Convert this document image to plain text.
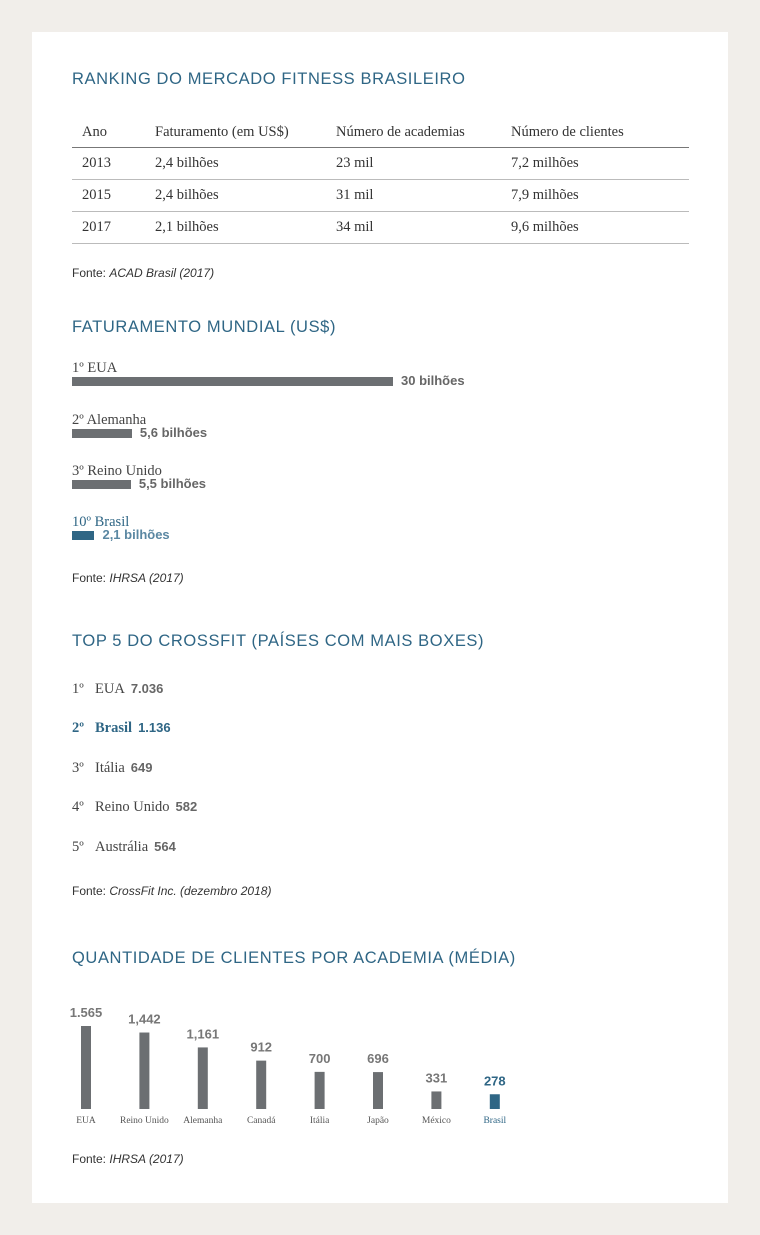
RANKING DO MERCADO FITNESS BRASILEIRO
Ano	Faturamento (em US$)	Número de academias	Número de clientes
2013	2,4 bilhões	23 mil	7,2 milhões
2015	2,4 bilhões	31 mil	7,9 milhões
2017	2,1 bilhões	34 mil	9,6 milhões
Fonte: ACAD Brasil (2017)
FATURAMENTO MUNDIAL (US$)
1º EUA
30 bilhões
2º Alemanha
5,6 bilhões
3º Reino Unido
5,5 bilhões
10º Brasil
2,1 bilhões
Fonte: IHRSA (2017)
TOP 5 DO CROSSFIT (PAÍSES COM MAIS BOXES)
1º EUA 7.036
2º Brasil 1.136
3º Itália 649
4º Reino Unido 582
5º Austrália 564
Fonte: CrossFit Inc. (dezembro 2018)
QUANTIDADE DE CLIENTES POR ACADEMIA (MÉDIA)
1.565
EUA
1,442
Reino Unido
1,161
Alemanha
912
Canadá
700
Itália
696
Japão
331
México
278
Brasil
Fonte: IHRSA (2017)
